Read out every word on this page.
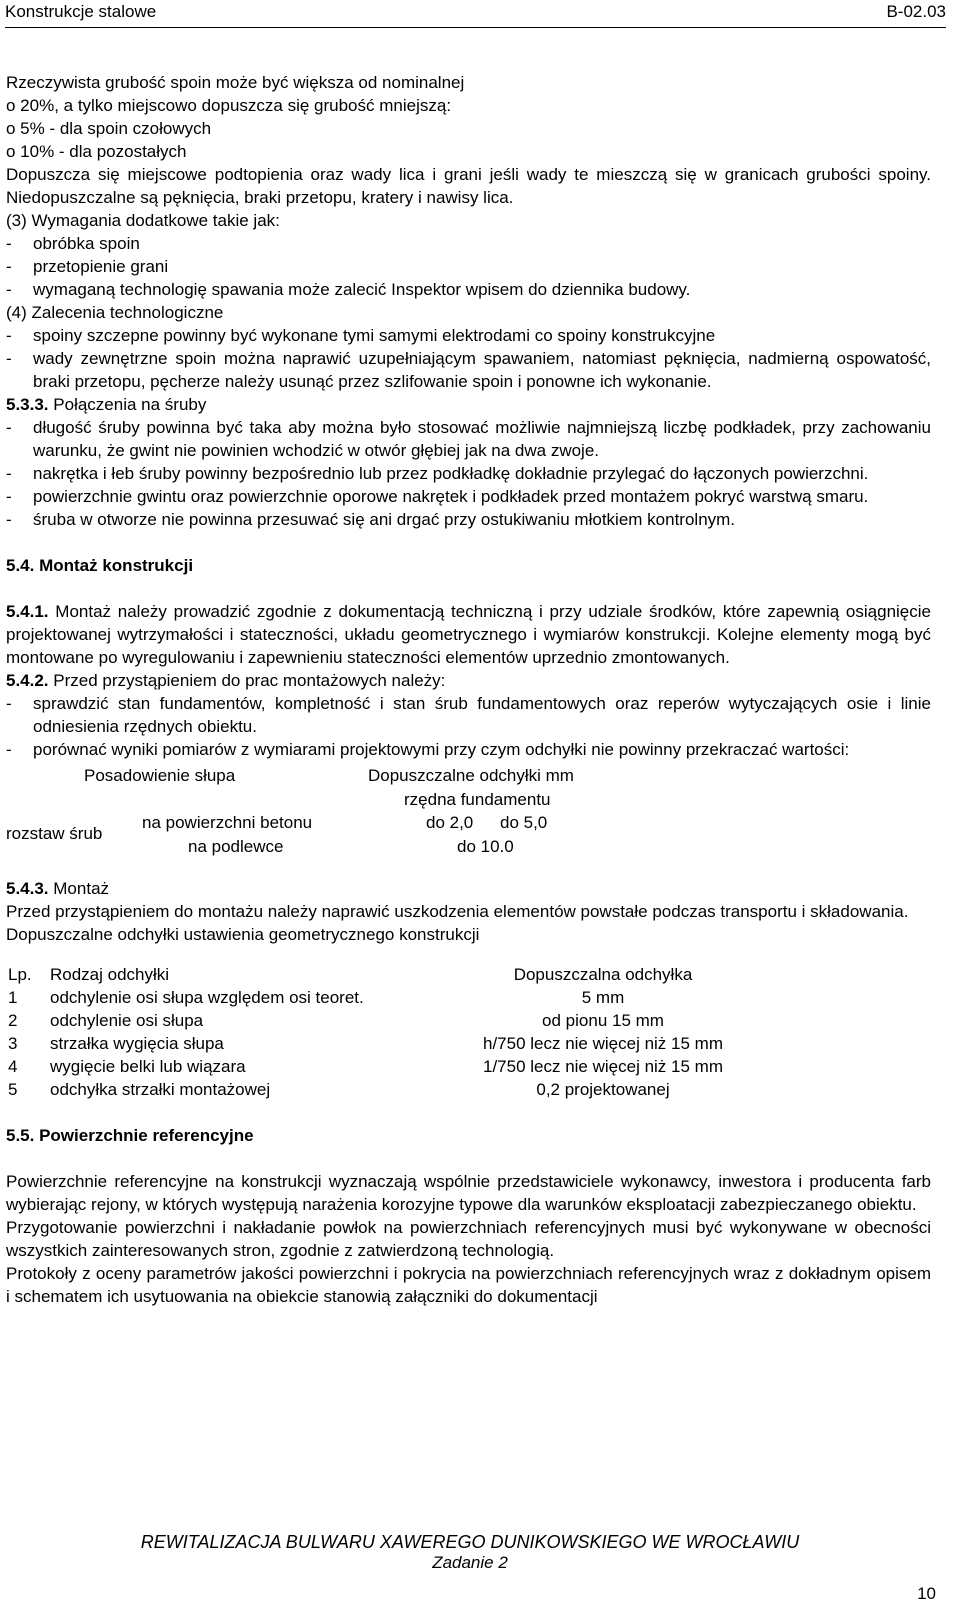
Konstrukcje stalowe	B-02.03
Rzeczywista grubość spoin może być większa od nominalnej
o 20%, a tylko miejscowo dopuszcza się grubość mniejszą:
o 5% - dla spoin czołowych
o 10% - dla pozostałych
Dopuszcza się miejscowe podtopienia oraz wady lica i grani jeśli wady te mieszczą się w granicach grubości spoiny. Niedopuszczalne są pęknięcia, braki przetopu, kratery i nawisy lica.
(3) Wymagania dodatkowe takie jak:
-	obróbka spoin
-	przetopienie grani
-	wymaganą technologię spawania może zalecić Inspektor wpisem do dziennika budowy.
(4) Zalecenia technologiczne
-	spoiny szczepne powinny być wykonane tymi samymi elektrodami co spoiny konstrukcyjne
-	wady zewnętrzne spoin można naprawić uzupełniającym spawaniem, natomiast pęknięcia, nadmierną ospowatość, braki przetopu, pęcherze należy usunąć przez szlifowanie spoin i ponowne ich wykonanie.
5.3.3. Połączenia na śruby
-	długość śruby powinna być taka aby można było stosować możliwie najmniejszą liczbę podkładek, przy zachowaniu warunku, że gwint nie powinien wchodzić w otwór głębiej jak na dwa zwoje.
-	nakrętka i łeb śruby powinny bezpośrednio lub przez podkładkę dokładnie przylegać do łączonych powierzchni.
-	powierzchnie gwintu oraz powierzchnie oporowe nakrętek i podkładek przed montażem pokryć warstwą smaru.
-	śruba w otworze nie powinna przesuwać się ani drgać przy ostukiwaniu młotkiem kontrolnym.
5.4. Montaż konstrukcji
5.4.1. Montaż należy prowadzić zgodnie z dokumentacją techniczną i przy udziale środków, które zapewnią osiągnięcie projektowanej wytrzymałości i stateczności, układu geometrycznego i wymiarów konstrukcji. Kolejne elementy mogą być montowane po wyregulowaniu i zapewnieniu stateczności elementów uprzednio zmontowanych.
5.4.2. Przed przystąpieniem do prac montażowych należy:
-	sprawdzić stan fundamentów, kompletność i stan śrub fundamentowych oraz reperów wytyczających osie i linie odniesienia rzędnych obiektu.
-	porównać wyniki pomiarów z wymiarami projektowymi przy czym odchyłki nie powinny przekraczać wartości:
Posadowienie słupa	Dopuszczalne odchyłki mm
rzędna fundamentu
rozstaw śrub
na powierzchni betonu	do 2,0 do 5,0
na podlewce	do 10.0
5.4.3. Montaż
Przed przystąpieniem do montażu należy naprawić uszkodzenia elementów powstałe podczas transportu i składowania.
Dopuszczalne odchyłki ustawienia geometrycznego konstrukcji
Lp.	Rodzaj odchyłki	Dopuszczalna odchyłka
1	odchylenie osi słupa względem osi teoret.	5 mm
2	odchylenie osi słupa	od pionu 15 mm
3	strzałka wygięcia słupa	h/750 lecz nie więcej niż 15 mm
4	wygięcie belki lub wiązara	1/750 lecz nie więcej niż 15 mm
5	odchyłka strzałki montażowej	0,2 projektowanej
5.5. Powierzchnie referencyjne
Powierzchnie referencyjne na konstrukcji wyznaczają wspólnie przedstawiciele wykonawcy, inwestora i producenta farb wybierając rejony, w których występują narażenia korozyjne typowe dla warunków eksploatacji zabezpieczanego obiektu.
Przygotowanie powierzchni i nakładanie powłok na powierzchniach referencyjnych musi być wykonywane w obecności wszystkich zainteresowanych stron, zgodnie z zatwierdzoną technologią.
Protokoły z oceny parametrów jakości powierzchni i pokrycia na powierzchniach referencyjnych wraz z dokładnym opisem i schematem ich usytuowania na obiekcie stanowią załączniki do dokumentacji
REWITALIZACJA BULWARU XAWEREGO DUNIKOWSKIEGO WE WROCŁAWIU
Zadanie 2
10
